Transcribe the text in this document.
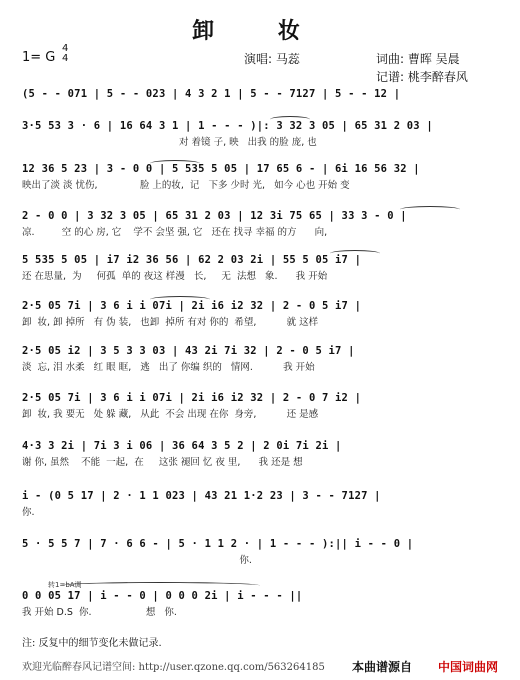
卸 妆
1= G
4
4	演唱: 马蕊	词曲: 曹晖 吴晨
记谱: 桃李醉春风
(5 - - 071 | 5 - - 023 | 4 3 2 1 | 5 - - 7127 | 5 - - 12 |
3·5 53 3 · 6 | 16 64 3 1 | 1 - - - )|: 3 32 3 05 | 65 31 2 03 |
对 着镜 子, 映   出我 的脸 庞, 也
12 36 5 23 | 3 - 0 0 | 5 535 5 05 | 17 65 6 - | 6i 16 56 32 |
映出了淡 淡 忧伤,              脸 上的妆,  记   下多 少时 光,   如今 心也 开始 变
2 - 0 0 | 3 32 3 05 | 65 31 2 03 | 12 3i 75 65 | 33 3 - 0 |
凉.         空 的心 房, 它    学不 会坚 强, 它   还在 找寻 幸福 的方      向,
5 535 5 05 | i7 i2 36 56 | 62 2 03 2i | 55 5 05 i7 |
还 在思量,  为     何孤  单的 夜这 样漫   长,     无  法想   象.      我 开始
2·5 05 7i | 3 6 i i 07i | 2i i6 i2 32 | 2 - 0 5 i7 |
卸  妆, 卸 掉所   有 伪 装,   也卸  掉所 有对 你的  希望,          就 这样
2·5 05 i2 | 3 5 3 3 03 | 43 2i 7i 32 | 2 - 0 5 i7 |
淡  忘, 泪 水柔   红 眼 眶,   逃   出了 你编 织的   情网.          我 开始
2·5 05 7i | 3 6 i i 07i | 2i i6 i2 32 | 2 - 0 7 i2 |
卸  妆, 我 要无   处 躲 藏,   从此  不会 出现 在你  身旁,          还 是感
4·3 3 2i | 7i 3 i 06 | 36 64 3 5 2 | 2 0i 7i 2i |
谢 你, 虽然    不能  一起,  在     这张 褪回 忆 夜 里,      我 还是 想
i - (0 5 17 | 2 · 1 1 023 | 43 21 1·2 23 | 3 - - 7127 |
你.
5 · 5 5 7 | 7 · 6 6 - | 5 · 1 1 2 · | 1 - - - ):|| i - - 0 |
你.
转1=bA调
0 0 05 17 | i - - 0 | 0 0 0 2i | i - - - ||
我 开始 D.S  你.                  想   你.
注: 反复中的细节变化未做记录.
欢迎光临醉春风记谱空间: http://user.qzone.qq.com/563264185 本曲谱源自 中国词曲网
